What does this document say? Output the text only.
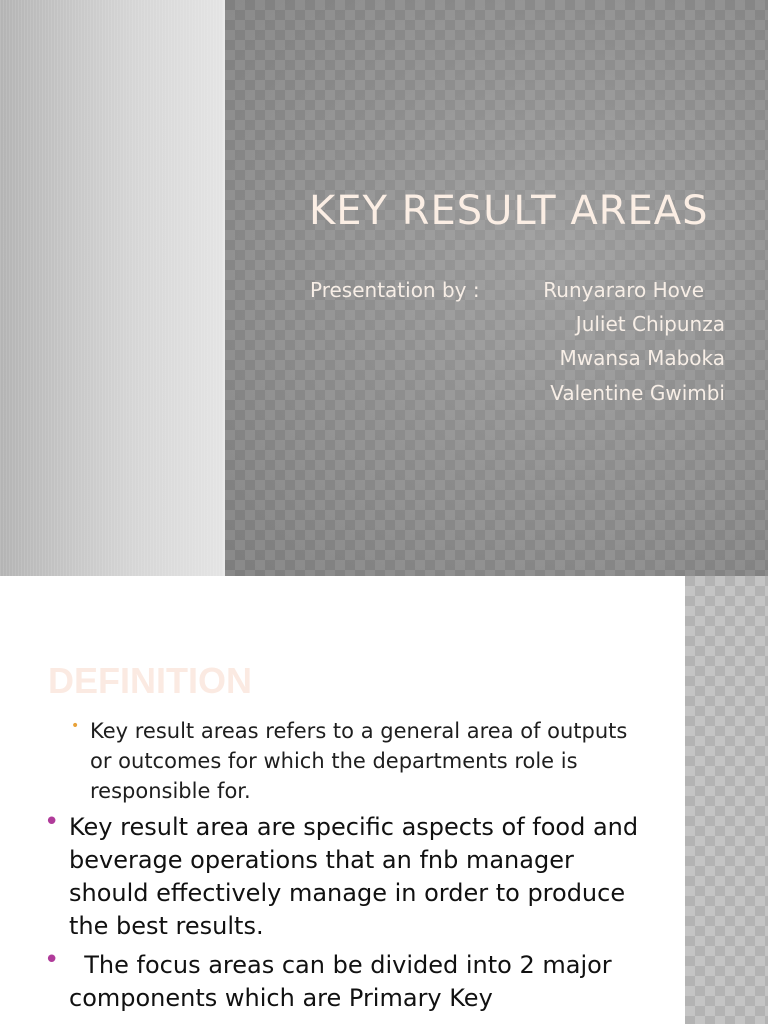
KEY RESULT AREAS
Presentation by :	Runyararo Hove
Juliet Chipunza
Mwansa Maboka
Valentine Gwimbi
DEFINITION
• Key result areas refers to a general area of outputs or outcomes for which the departments role is responsible for.
• Key result area are specific aspects of food and beverage operations that an fnb manager should effectively manage in order to produce the best results.
• The focus areas can be divided into 2 major components which are Primary Key
